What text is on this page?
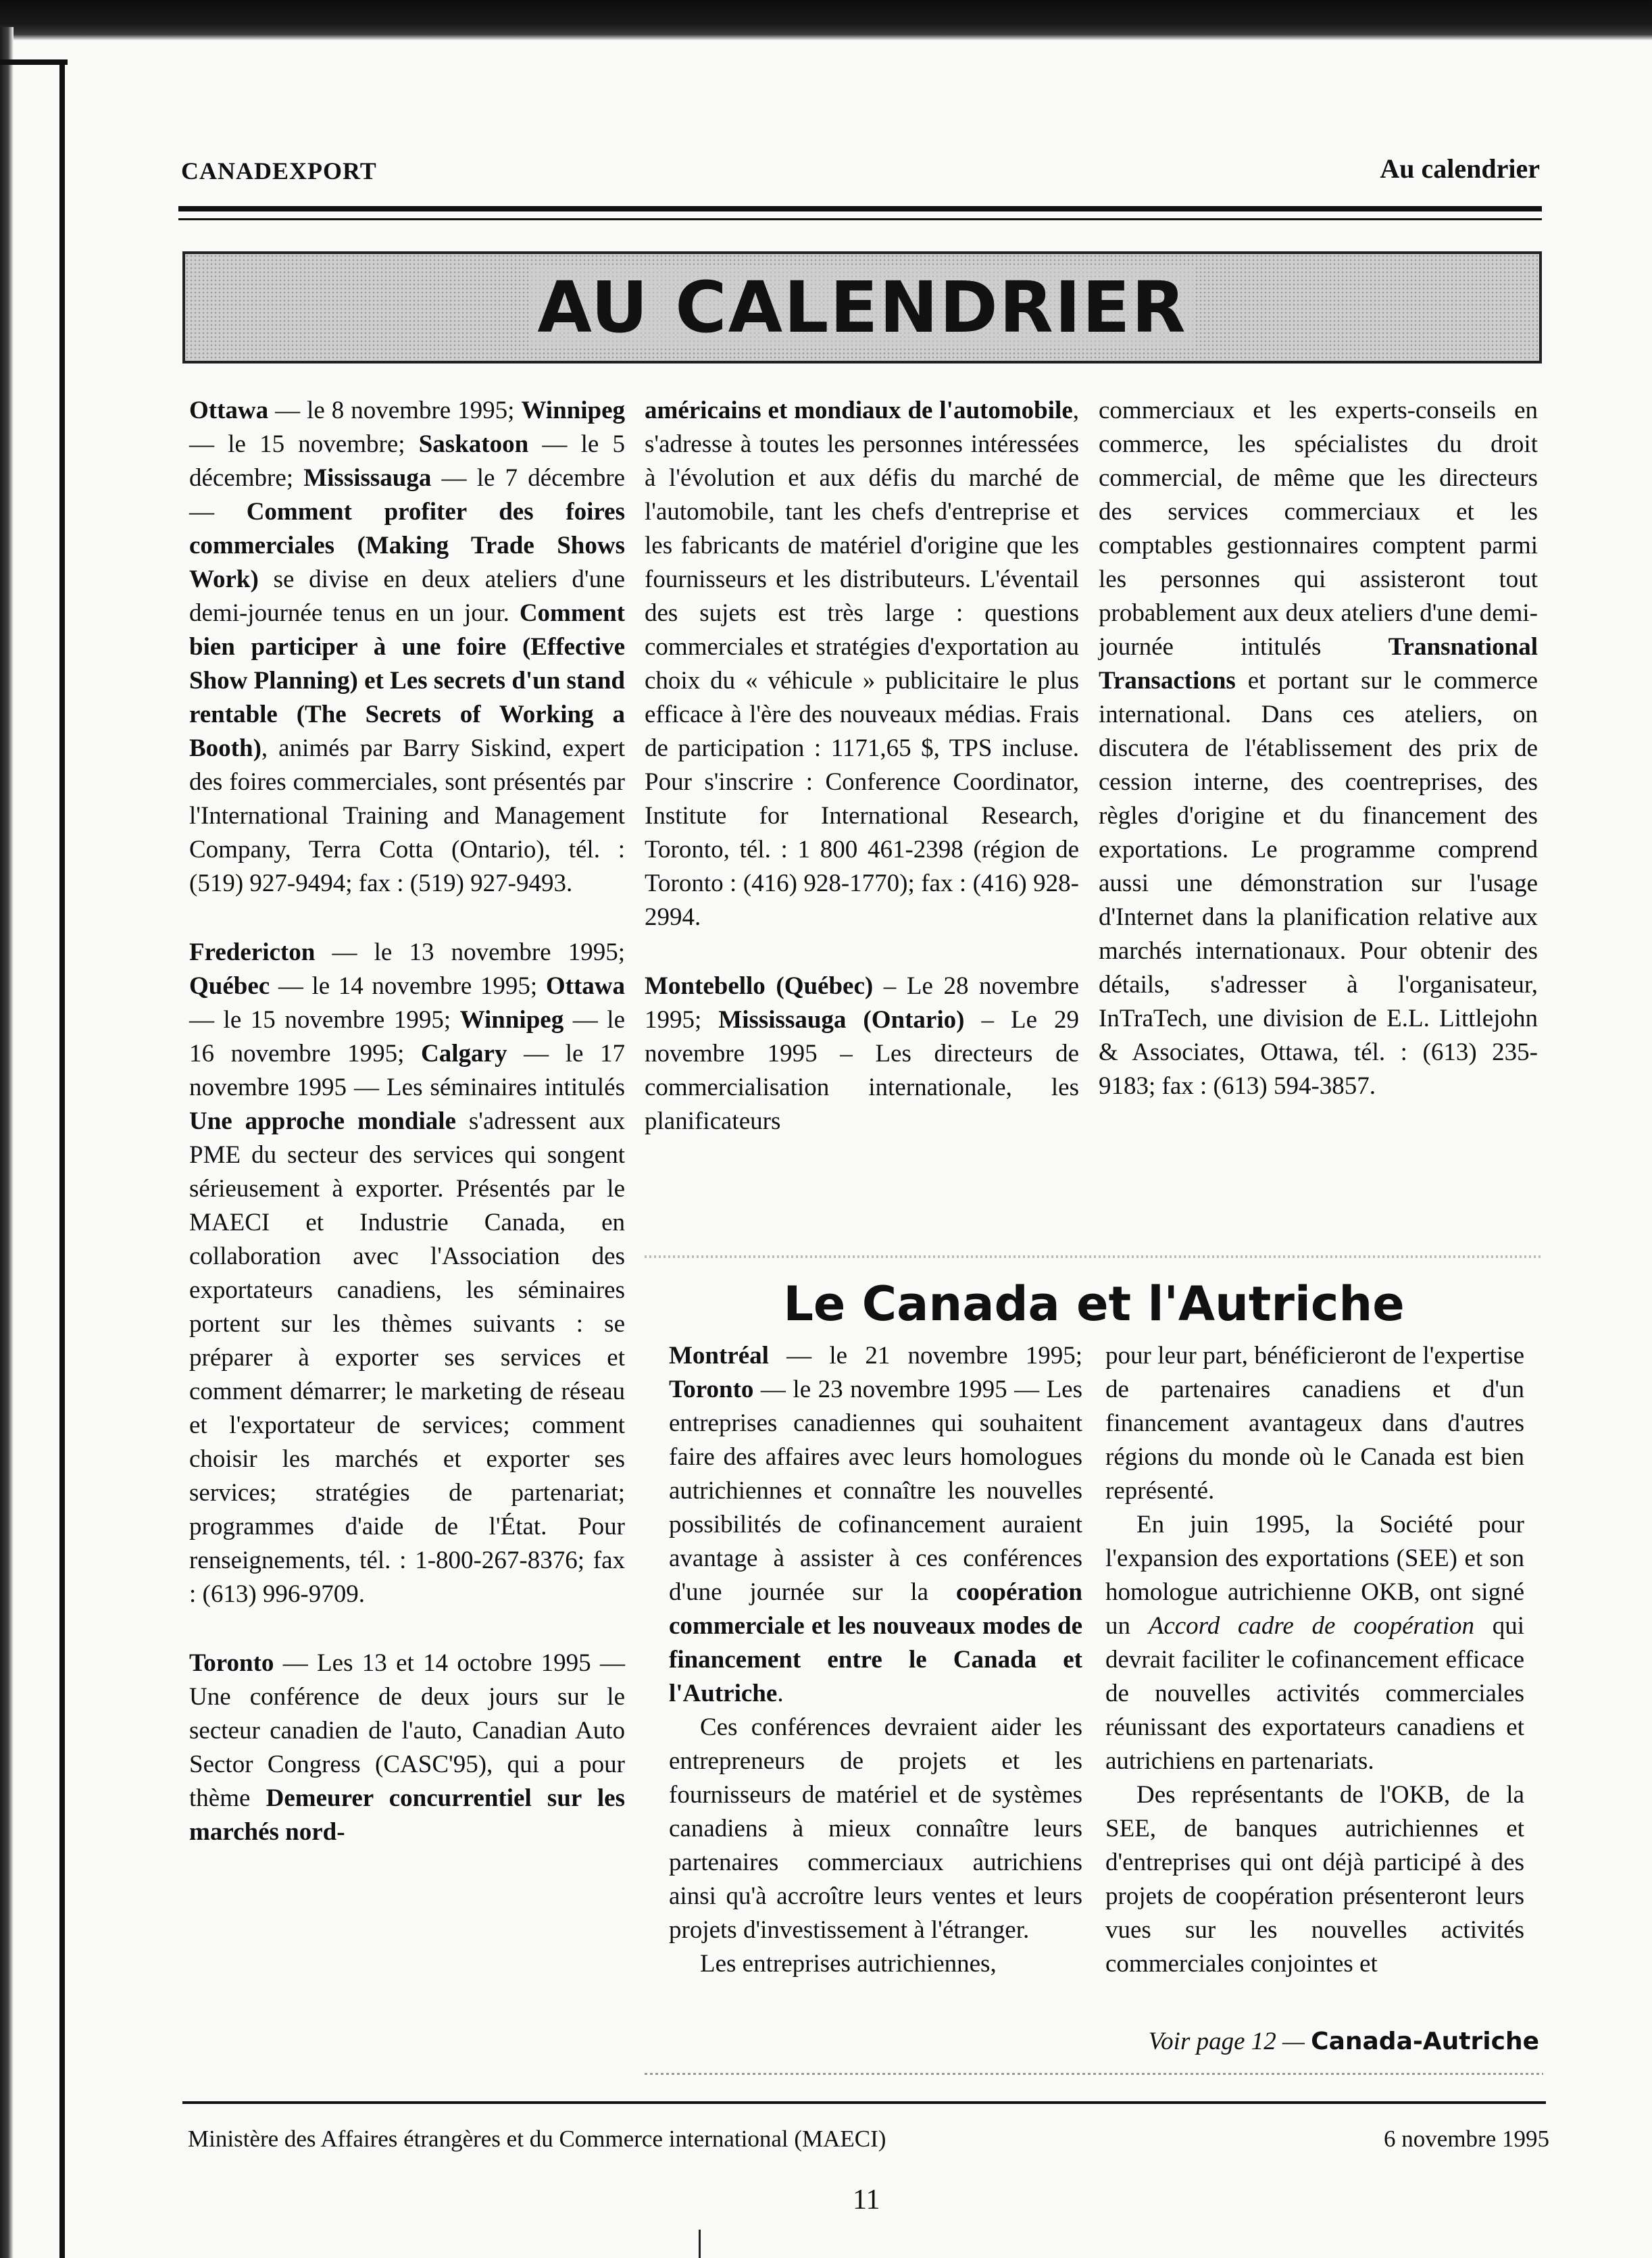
CANADEXPORT	Au calendrier
AU CALENDRIER

Ottawa — le 8 novembre 1995; Winnipeg — le 15 novembre; Saskatoon — le 5 décembre; Mississauga — le 7 décembre — Comment profiter des foires commerciales (Making Trade Shows Work) se divise en deux ateliers d'une demi-journée tenus en un jour. Comment bien participer à une foire (Effective Show Planning) et Les secrets d'un stand rentable (The Secrets of Working a Booth), animés par Barry Siskind, expert des foires commerciales, sont présentés par l'International Training and Management Company, Terra Cotta (Ontario), tél. : (519) 927-9494; fax : (519) 927-9493.

Fredericton — le 13 novembre 1995; Québec — le 14 novembre 1995; Ottawa — le 15 novembre 1995; Winnipeg — le 16 novembre 1995; Calgary — le 17 novembre 1995 — Les séminaires intitulés Une approche mondiale s'adressent aux PME du secteur des services qui songent sérieusement à exporter. Présentés par le MAECI et Industrie Canada, en collaboration avec l'Association des exportateurs canadiens, les séminaires portent sur les thèmes suivants : se préparer à exporter ses services et comment démarrer; le marketing de réseau et l'exportateur de services; comment choisir les marchés et exporter ses services; stratégies de partenariat; programmes d'aide de l'État. Pour renseignements, tél. : 1-800-267-8376; fax : (613) 996-9709.

Toronto — Les 13 et 14 octobre 1995 — Une conférence de deux jours sur le secteur canadien de l'auto, Canadian Auto Sector Congress (CASC'95), qui a pour thème Demeurer concurrentiel sur les marchés nord-

américains et mondiaux de l'automobile, s'adresse à toutes les personnes intéressées à l'évolution et aux défis du marché de l'automobile, tant les chefs d'entreprise et les fabricants de matériel d'origine que les fournisseurs et les distributeurs. L'éventail des sujets est très large : questions commerciales et stratégies d'exportation au choix du « véhicule » publicitaire le plus efficace à l'ère des nouveaux médias. Frais de participation : 1171,65 $, TPS incluse. Pour s'inscrire : Conference Coordinator, Institute for International Research, Toronto, tél. : 1 800 461-2398 (région de Toronto : (416) 928-1770); fax : (416) 928-2994.

Montebello (Québec) – Le 28 novembre 1995; Mississauga (Ontario) – Le 29 novembre 1995 – Les directeurs de commercialisation internationale, les planificateurs

commerciaux et les experts-conseils en commerce, les spécialistes du droit commercial, de même que les directeurs des services commerciaux et les comptables gestionnaires comptent parmi les personnes qui assisteront tout probablement aux deux ateliers d'une demi-journée intitulés Transnational Transactions et portant sur le commerce international. Dans ces ateliers, on discutera de l'établissement des prix de cession interne, des coentreprises, des règles d'origine et du financement des exportations. Le programme comprend aussi une démonstration sur l'usage d'Internet dans la planification relative aux marchés internationaux. Pour obtenir des détails, s'adresser à l'organisateur, InTraTech, une division de E.L. Littlejohn & Associates, Ottawa, tél. : (613) 235-9183; fax : (613) 594-3857.

Le Canada et l'Autriche

Montréal — le 21 novembre 1995; Toronto — le 23 novembre 1995 — Les entreprises canadiennes qui souhaitent faire des affaires avec leurs homologues autrichiennes et connaître les nouvelles possibilités de cofinancement auraient avantage à assister à ces conférences d'une journée sur la coopération commerciale et les nouveaux modes de financement entre le Canada et l'Autriche.

Ces conférences devraient aider les entrepreneurs de projets et les fournisseurs de matériel et de systèmes canadiens à mieux connaître leurs partenaires commerciaux autrichiens ainsi qu'à accroître leurs ventes et leurs projets d'investissement à l'étranger.

Les entreprises autrichiennes,

pour leur part, bénéficieront de l'expertise de partenaires canadiens et d'un financement avantageux dans d'autres régions du monde où le Canada est bien représenté.

En juin 1995, la Société pour l'expansion des exportations (SEE) et son homologue autrichienne OKB, ont signé un Accord cadre de coopération qui devrait faciliter le cofinancement efficace de nouvelles activités commerciales réunissant des exportateurs canadiens et autrichiens en partenariats.

Des représentants de l'OKB, de la SEE, de banques autrichiennes et d'entreprises qui ont déjà participé à des projets de coopération présenteront leurs vues sur les nouvelles activités commerciales conjointes et

Voir page 12 — Canada-Autriche
Ministère des Affaires étrangères et du Commerce international (MAECI)	6 novembre 1995
11
